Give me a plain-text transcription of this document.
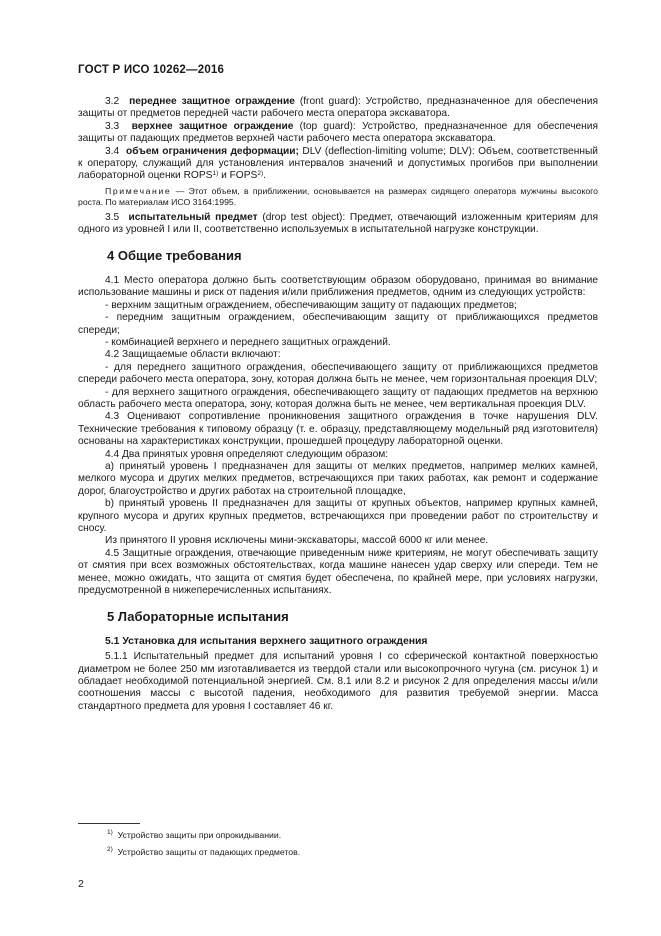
ГОСТ Р ИСО 10262—2016

3.2 переднее защитное ограждение (front guard): Устройство, предназначенное для обеспечения защиты от предметов передней части рабочего места оператора экскаватора.

3.3 верхнее защитное ограждение (top guard): Устройство, предназначенное для обеспечения защиты от падающих предметов верхней части рабочего места оператора экскаватора.

3.4 объем ограничения деформации; DLV (deflection-limiting volume; DLV): Объем, соответственный к оператору, служащий для установления интервалов значений и допустимых прогибов при выполнении лабораторной оценки ROPS$^{1)}$ и FOPS$^{2)}$.

Примечание — Этот объем, в приближении, основывается на размерах сидящего оператора мужчины высокого роста. По материалам ИСО 3164:1995.

3.5 испытательный предмет (drop test object): Предмет, отвечающий изложенным критериям для одного из уровней I или II, соответственно используемых в испытательной нагрузке конструкции.

4 Общие требования

4.1 Место оператора должно быть соответствующим образом оборудовано, принимая во внимание использование машины и риск от падения и/или приближения предметов, одним из следующих устройств:

- верхним защитным ограждением, обеспечивающим защиту от падающих предметов;

- передним защитным ограждением, обеспечивающим защиту от приближающихся предметов спереди;

- комбинацией верхнего и переднего защитных ограждений.

4.2 Защищаемые области включают:

- для переднего защитного ограждения, обеспечивающего защиту от приближающихся предметов спереди рабочего места оператора, зону, которая должна быть не менее, чем горизонтальная проекция DLV;

- для верхнего защитного ограждения, обеспечивающего защиту от падающих предметов на верхнюю область рабочего места оператора, зону, которая должна быть не менее, чем вертикальная проекция DLV.

4.3 Оценивают сопротивление проникновения защитного ограждения в точке нарушения DLV. Технические требования к типовому образцу (т. е. образцу, представляющему модельный ряд изготовителя) основаны на характеристиках конструкции, прошедшей процедуру лабораторной оценки.

4.4 Два принятых уровня определяют следующим образом:

a) принятый уровень I предназначен для защиты от мелких предметов, например мелких камней, мелкого мусора и других мелких предметов, встречающихся при таких работах, как ремонт и содержание дорог, благоустройство и других работах на строительной площадке,

b) принятый уровень II предназначен для защиты от крупных объектов, например крупных камней, крупного мусора и других крупных предметов, встречающихся при проведении работ по строительству и сносу.

Из принятого II уровня исключены мини-экскаваторы, массой 6000 кг или менее.

4.5 Защитные ограждения, отвечающие приведенным ниже критериям, не могут обеспечивать защиту от смятия при всех возможных обстоятельствах, когда машине нанесен удар сверху или спереди. Тем не менее, можно ожидать, что защита от смятия будет обеспечена, по крайней мере, при условиях нагрузки, предусмотренной в нижеперечисленных испытаниях.

5 Лабораторные испытания

5.1 Установка для испытания верхнего защитного ограждения

5.1.1 Испытательный предмет для испытаний уровня I со сферической контактной поверхностью диаметром не более 250 мм изготавливается из твердой стали или высокопрочного чугуна (см. рисунок 1) и обладает необходимой потенциальной энергией. См. 8.1 или 8.2 и рисунок 2 для определения массы и/или соотношения массы с высотой падения, необходимого для развития требуемой энергии. Масса стандартного предмета для уровня I составляет 46 кг.

$^{1)}$ Устройство защиты при опрокидывании.
$^{2)}$ Устройство защиты от падающих предметов.
2
